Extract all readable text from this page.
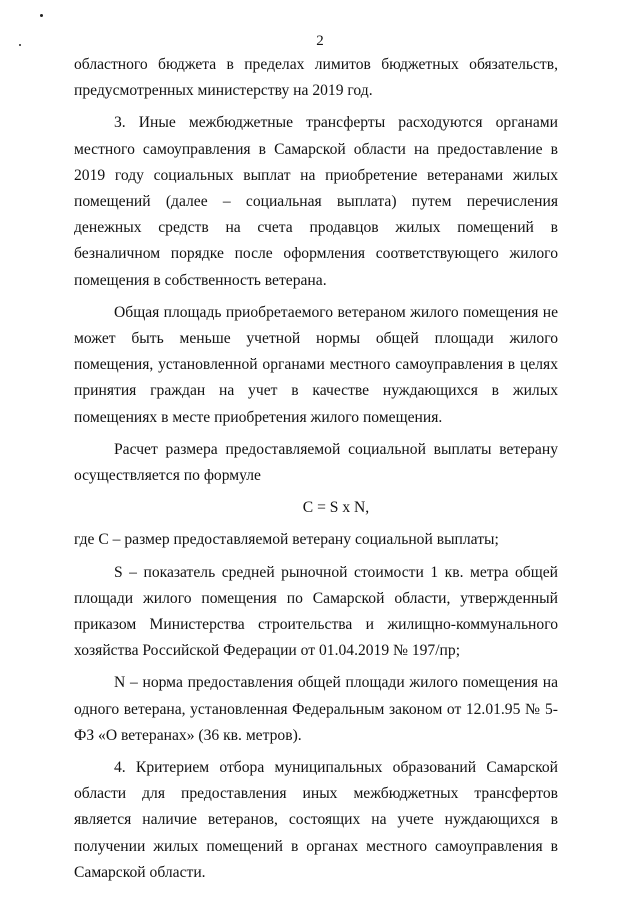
2

областного бюджета в пределах лимитов бюджетных обязательств, предусмотренных министерству на 2019 год.

3. Иные межбюджетные трансферты расходуются органами местного самоуправления в Самарской области на предоставление в 2019 году социальных выплат на приобретение ветеранами жилых помещений (далее – социальная выплата) путем перечисления денежных средств на счета продавцов жилых помещений в безналичном порядке после оформления соответствующего жилого помещения в собственность ветерана.

Общая площадь приобретаемого ветераном жилого помещения не может быть меньше учетной нормы общей площади жилого помещения, установленной органами местного самоуправления в целях принятия граждан на учет в качестве нуждающихся в жилых помещениях в месте приобретения жилого помещения.

Расчет размера предоставляемой социальной выплаты ветерану осуществляется по формуле

C = S x N,

где С – размер предоставляемой ветерану социальной выплаты;

S – показатель средней рыночной стоимости 1 кв. метра общей площади жилого помещения по Самарской области, утвержденный приказом Министерства строительства и жилищно-коммунального хозяйства Российской Федерации от 01.04.2019 № 197/пр;

N – норма предоставления общей площади жилого помещения на одного ветерана, установленная Федеральным законом от 12.01.95 № 5-ФЗ «О ветеранах» (36 кв. метров).

4. Критерием отбора муниципальных образований Самарской области для предоставления иных межбюджетных трансфертов является наличие ветеранов, состоящих на учете нуждающихся в получении жилых помещений в органах местного самоуправления в Самарской области.
